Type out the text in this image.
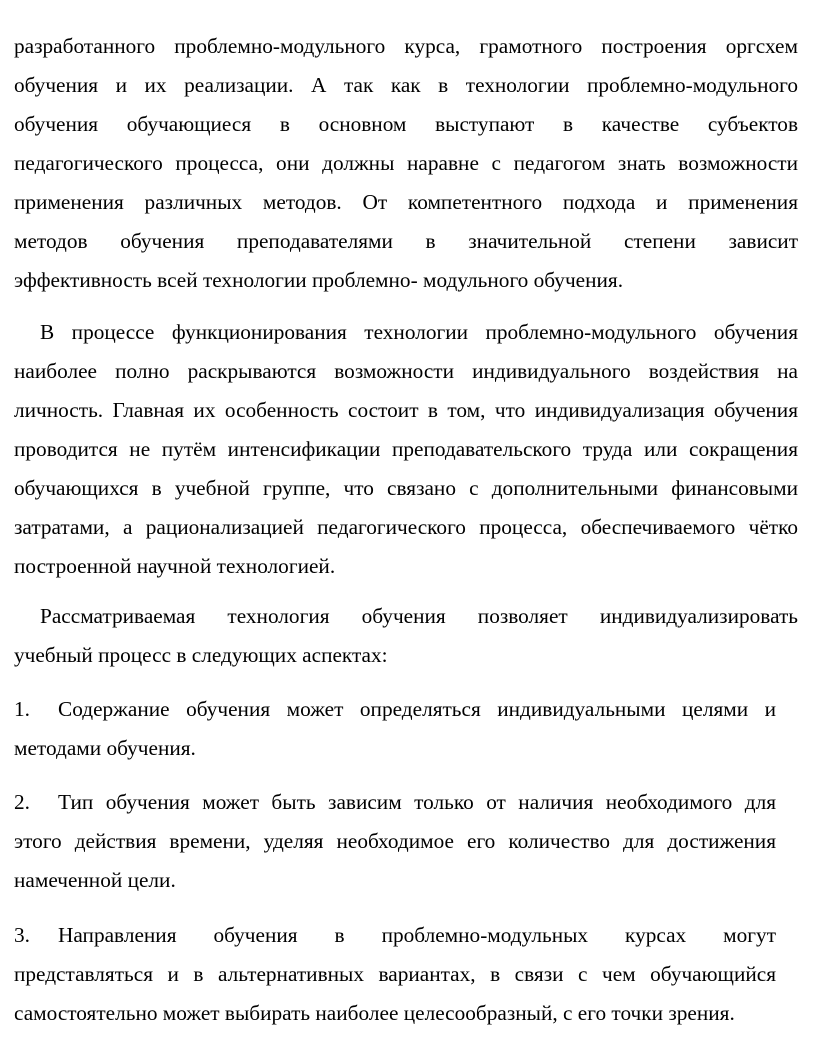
разработанного проблемно-модульного курса, грамотного построения оргсхем
обучения и их реализации. А так как в технологии проблемно-модульного
обучения обучающиеся в основном выступают в качестве субъектов
педагогического процесса, они должны наравне с педагогом знать возможности
применения различных методов. От компетентного подхода и применения
методов обучения преподавателями в значительной степени зависит
эффективность всей технологии проблемно- модульного обучения.
В процессе функционирования технологии проблемно-модульного обучения
наиболее полно раскрываются возможности индивидуального воздействия на
личность. Главная их особенность состоит в том, что индивидуализация обучения
проводится не путём интенсификации преподавательского труда или сокращения
обучающихся в учебной группе, что связано с дополнительными финансовыми
затратами, а рационализацией педагогического процесса, обеспечиваемого чётко
построенной научной технологией.
Рассматриваемая технология обучения позволяет индивидуализировать
учебный процесс в следующих аспектах:
1.	Содержание обучения может определяться индивидуальными целями и
методами обучения.
2.	Тип обучения может быть зависим только от наличия необходимого для
этого действия времени, уделяя необходимое его количество для достижения
намеченной цели.
3.	Направления обучения в проблемно-модульных курсах могут
представляться и в альтернативных вариантах, в связи с чем обучающийся
самостоятельно может выбирать наиболее целесообразный, с его точки зрения.
